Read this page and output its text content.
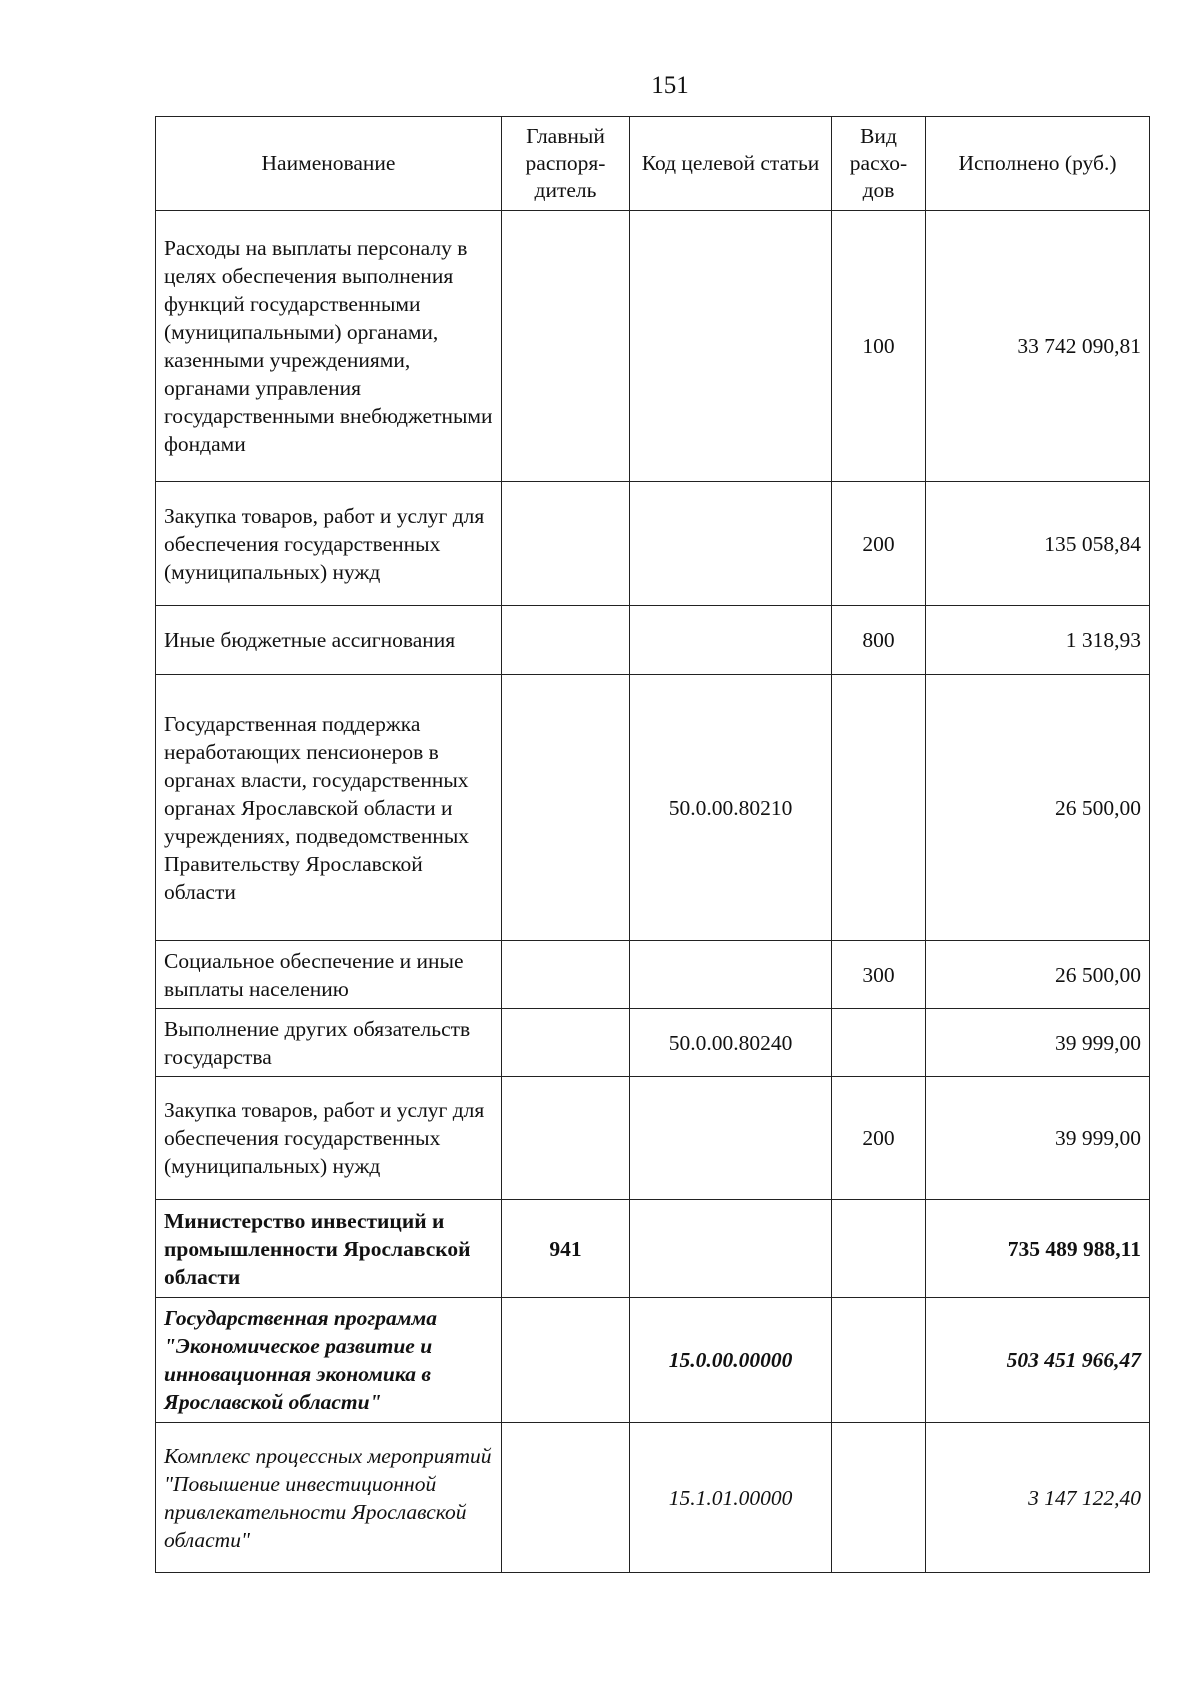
151
Наименование	Главный распоря-дитель	Код целевой статьи	Вид расхо-дов	Исполнено (руб.)
Расходы на выплаты персоналу в целях обеспечения выполнения функций государственными (муниципальными) органами, казенными учреждениями, органами управления государственными внебюджетными фондами			100	33 742 090,81
Закупка товаров, работ и услуг для обеспечения государственных (муниципальных) нужд			200	135 058,84
Иные бюджетные ассигнования			800	1 318,93
Государственная поддержка неработающих пенсионеров в органах власти, государственных органах Ярославской области и учреждениях, подведомственных Правительству Ярославской области		50.0.00.80210		26 500,00
Социальное обеспечение и иные выплаты населению			300	26 500,00
Выполнение других обязательств государства		50.0.00.80240		39 999,00
Закупка товаров, работ и услуг для обеспечения государственных (муниципальных) нужд			200	39 999,00
Министерство инвестиций и промышленности Ярославской области	941			735 489 988,11
Государственная программа "Экономическое развитие и инновационная экономика в Ярославской области"		15.0.00.00000		503 451 966,47
Комплекс процессных мероприятий "Повышение инвестиционной привлекательности Ярославской области"		15.1.01.00000		3 147 122,40
